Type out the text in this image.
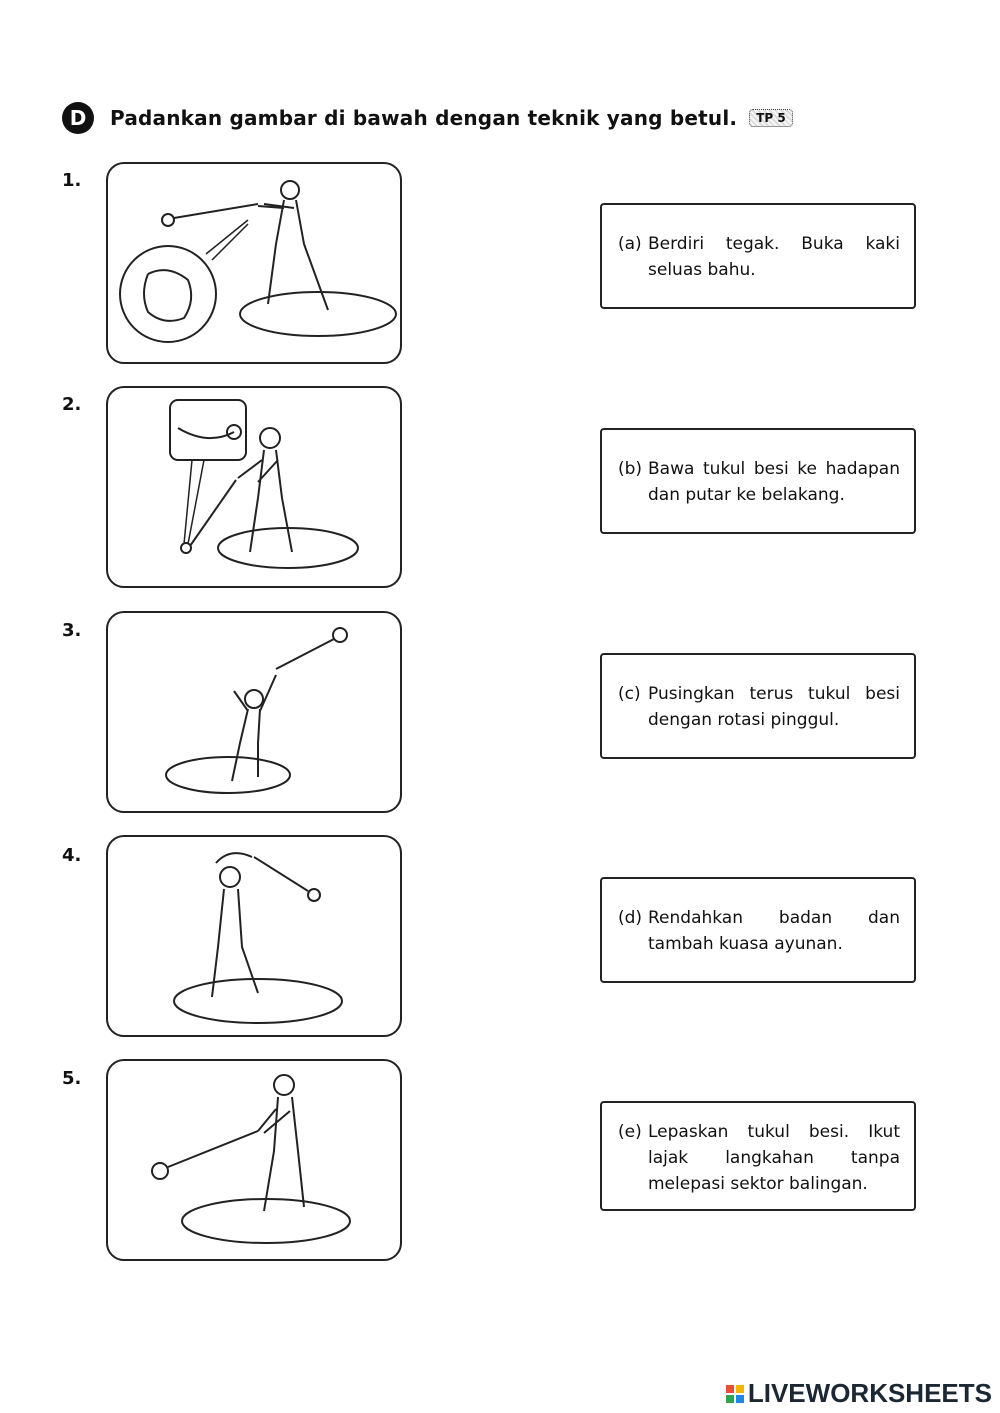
D	Padankan gambar di bawah dengan teknik yang betul.	TP 5
1.
2.
3.
4.
5.
(a) Berdiri tegak. Buka kaki seluas bahu.
(b) Bawa tukul besi ke hadapan dan putar ke belakang.
(c) Pusingkan terus tukul besi dengan rotasi pinggul.
(d) Rendahkan badan dan tambah kuasa ayunan.
(e) Lepaskan tukul besi. Ikut lajak langkahan tanpa melepasi sektor balingan.
LIVEWORKSHEETS
